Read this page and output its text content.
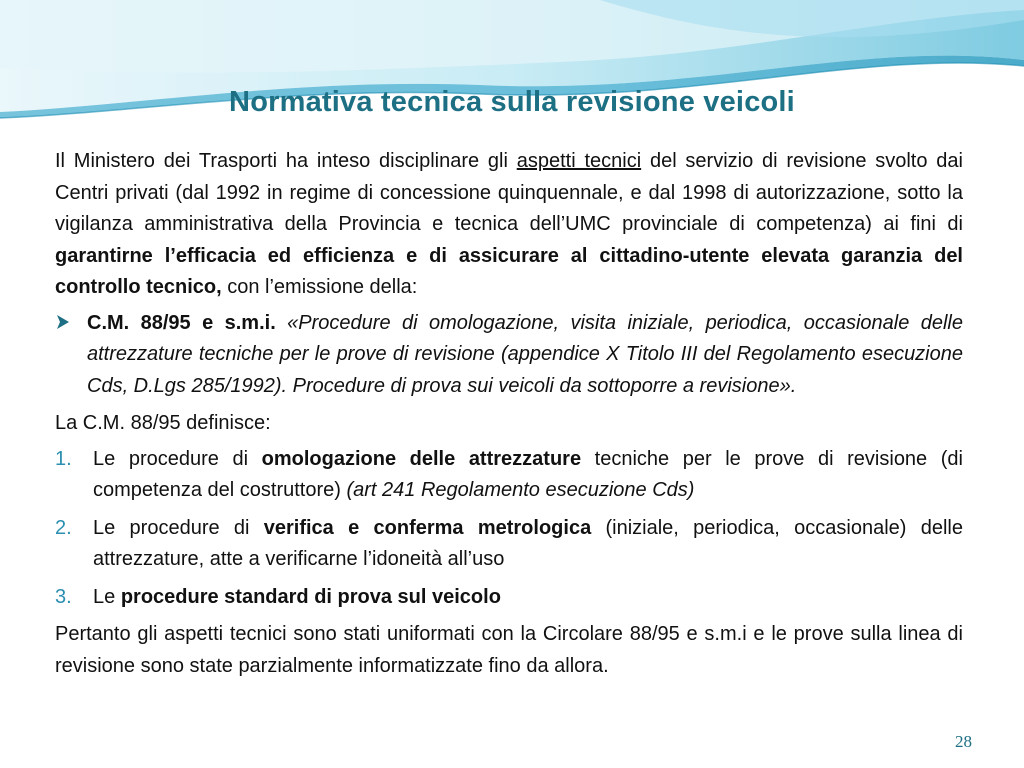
Normativa tecnica sulla revisione veicoli

Il Ministero dei Trasporti ha inteso disciplinare gli aspetti tecnici del servizio di revisione svolto dai Centri privati (dal 1992 in regime di concessione quinquennale, e dal 1998 di autorizzazione, sotto la vigilanza amministrativa della Provincia e tecnica dell’UMC provinciale di competenza) ai fini di garantirne l’efficacia ed efficienza e di assicurare al cittadino-utente elevata garanzia del controllo tecnico, con l’emissione della:

C.M. 88/95 e s.m.i. «Procedure di omologazione, visita iniziale, periodica, occasionale delle attrezzature tecniche per le prove di revisione (appendice X Titolo III del Regolamento esecuzione Cds, D.Lgs 285/1992). Procedure di prova sui veicoli da sottoporre a revisione».

La C.M. 88/95 definisce:

1.	Le procedure di omologazione delle attrezzature tecniche per le prove di revisione (di competenza del costruttore) (art 241 Regolamento esecuzione Cds)
2.	Le procedure di verifica e conferma metrologica (iniziale, periodica, occasionale) delle attrezzature, atte a verificarne l’idoneità all’uso
3.	Le procedure standard di prova sul veicolo

Pertanto gli aspetti tecnici sono stati uniformati con la Circolare 88/95 e s.m.i e le prove sulla linea di revisione sono state parzialmente informatizzate fino da allora.

28
